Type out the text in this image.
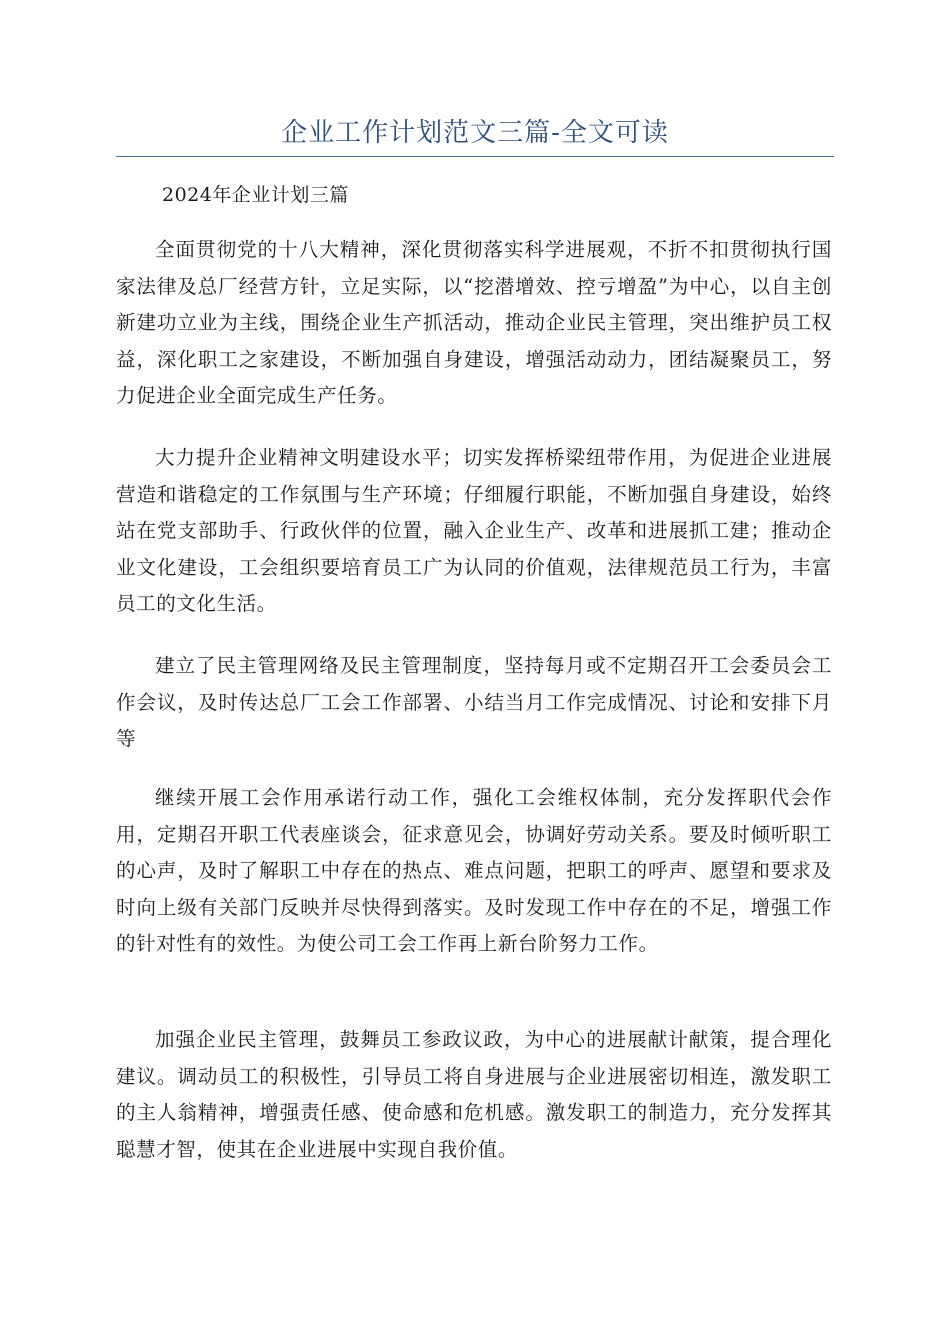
企业工作计划范文三篇-全文可读
2024年企业计划三篇

全面贯彻党的十八大精神，深化贯彻落实科学进展观，不折不扣贯彻执行国家法律及总厂经营方针，立足实际，以“挖潜增效、控亏增盈”为中心，以自主创新建功立业为主线，围绕企业生产抓活动，推动企业民主管理，突出维护员工权益，深化职工之家建设，不断加强自身建设，增强活动动力，团结凝聚员工，努力促进企业全面完成生产任务。

大力提升企业精神文明建设水平；切实发挥桥梁纽带作用，为促进企业进展营造和谐稳定的工作氛围与生产环境；仔细履行职能，不断加强自身建设，始终站在党支部助手、行政伙伴的位置，融入企业生产、改革和进展抓工建；推动企业文化建设，工会组织要培育员工广为认同的价值观，法律规范员工行为，丰富员工的文化生活。

建立了民主管理网络及民主管理制度，坚持每月或不定期召开工会委员会工作会议，及时传达总厂工会工作部署、小结当月工作完成情况、讨论和安排下月等

继续开展工会作用承诺行动工作，强化工会维权体制，充分发挥职代会作用，定期召开职工代表座谈会，征求意见会，协调好劳动关系。要及时倾听职工的心声，及时了解职工中存在的热点、难点问题，把职工的呼声、愿望和要求及时向上级有关部门反映并尽快得到落实。及时发现工作中存在的不足，增强工作的针对性有的效性。为使公司工会工作再上新台阶努力工作。

加强企业民主管理，鼓舞员工参政议政，为中心的进展献计献策，提合理化建议。调动员工的积极性，引导员工将自身进展与企业进展密切相连，激发职工的主人翁精神，增强责任感、使命感和危机感。激发职工的制造力，充分发挥其聪慧才智，使其在企业进展中实现自我价值。
